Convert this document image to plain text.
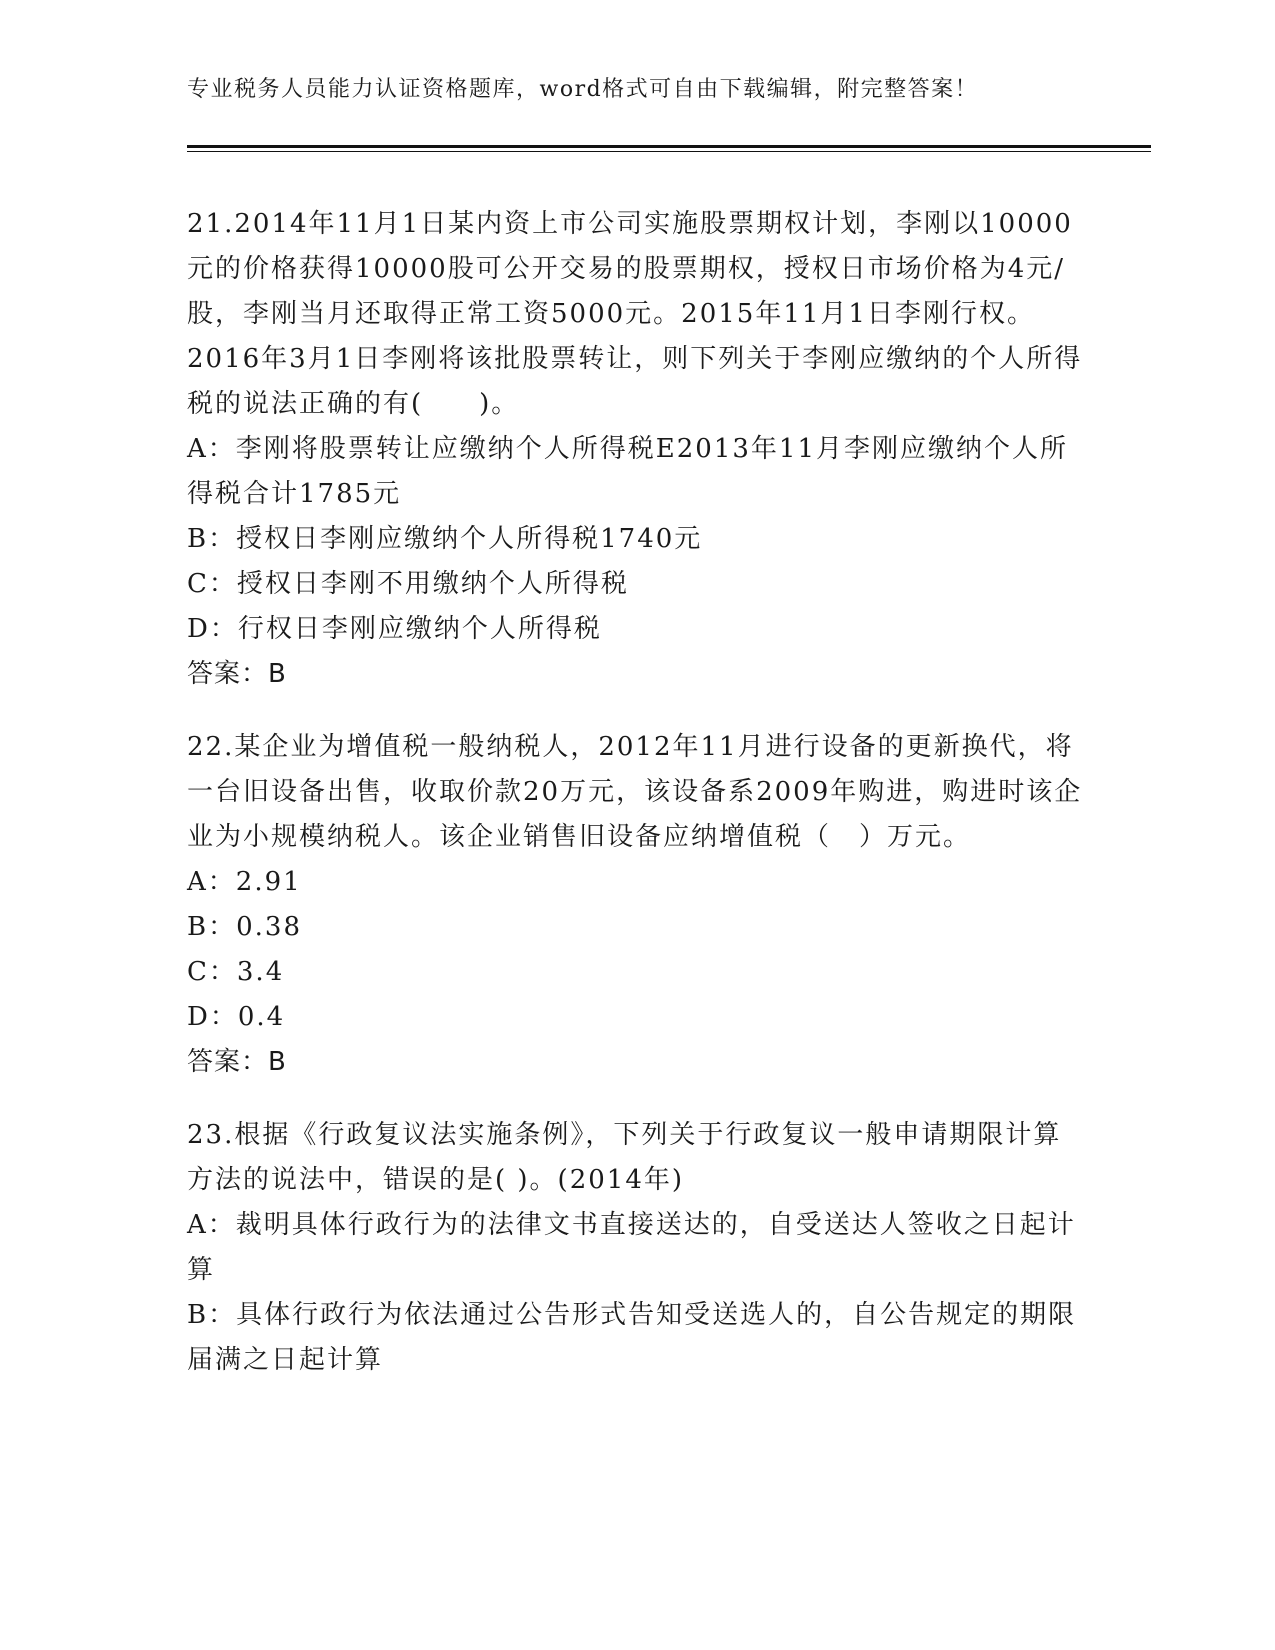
专业税务人员能力认证资格题库，word格式可自由下载编辑，附完整答案！

21.2014年11月1日某内资上市公司实施股票期权计划，李刚以10000元的价格获得10000股可公开交易的股票期权，授权日市场价格为4元/股，李刚当月还取得正常工资5000元。2015年11月1日李刚行权。2016年3月1日李刚将该批股票转让，则下列关于李刚应缴纳的个人所得税的说法正确的有(　　)。

A：李刚将股票转让应缴纳个人所得税E2013年11月李刚应缴纳个人所得税合计1785元

B：授权日李刚应缴纳个人所得税1740元

C：授权日李刚不用缴纳个人所得税

D：行权日李刚应缴纳个人所得税

答案：B

22.某企业为增值税一般纳税人，2012年11月进行设备的更新换代，将一台旧设备出售，收取价款20万元，该设备系2009年购进，购进时该企业为小规模纳税人。该企业销售旧设备应纳增值税（　）万元。

A：2.91

B：0.38

C：3.4

D：0.4

答案：B

23.根据《行政复议法实施条例》，下列关于行政复议一般申请期限计算方法的说法中，错误的是( )。(2014年)

A：裁明具体行政行为的法律文书直接送达的，自受送达人签收之日起计算

B：具体行政行为依法通过公告形式告知受送选人的，自公告规定的期限届满之日起计算
